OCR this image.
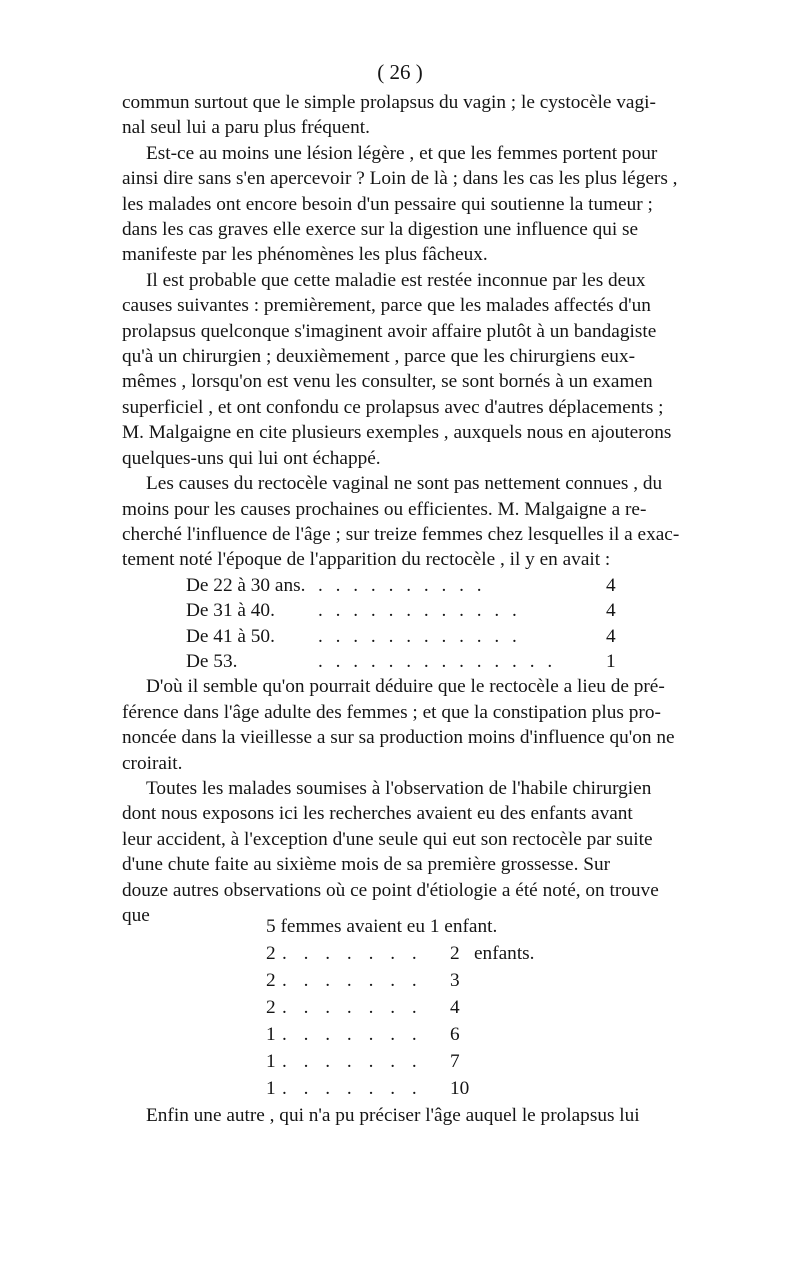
( 26 )
commun surtout que le simple prolapsus du vagin ; le cystocèle vagi-
nal seul lui a paru plus fréquent.
Est-ce au moins une lésion légère , et que les femmes portent pour
ainsi dire sans s'en apercevoir ? Loin de là ; dans les cas les plus légers ,
les malades ont encore besoin d'un pessaire qui soutienne la tumeur ;
dans les cas graves elle exerce sur la digestion une influence qui se
manifeste par les phénomènes les plus fâcheux.
Il est probable que cette maladie est restée inconnue par les deux
causes suivantes : premièrement, parce que les malades affectés d'un
prolapsus quelconque s'imaginent avoir affaire plutôt à un bandagiste
qu'à un chirurgien ; deuxièmement , parce que les chirurgiens eux-
mêmes , lorsqu'on est venu les consulter, se sont bornés à un examen
superficiel , et ont confondu ce prolapsus avec d'autres déplacements ;
M. Malgaigne en cite plusieurs exemples , auxquels nous en ajouterons
quelques-uns qui lui ont échappé.
Les causes du rectocèle vaginal ne sont pas nettement connues , du
moins pour les causes prochaines ou efficientes. M. Malgaigne a re-
cherché l'influence de l'âge ; sur treize femmes chez lesquelles il a exac-
tement noté l'époque de l'apparition du rectocèle , il y en avait :
De 22 à 30 ans. . . . . . . . . . .	4
De 31 à 40. . . . . . . . . . . . .	4
De 41 à 50. . . . . . . . . . . . .	4
De 53.	. . . . . . . . . . . . . .	1
D'où il semble qu'on pourrait déduire que le rectocèle a lieu de pré-
férence dans l'âge adulte des femmes ; et que la constipation plus pro-
noncée dans la vieillesse a sur sa production moins d'influence qu'on ne
croirait.
Toutes les malades soumises à l'observation de l'habile chirurgien
dont nous exposons ici les recherches avaient eu des enfants avant
leur accident, à l'exception d'une seule qui eut son rectocèle par suite
d'une chute faite au sixième mois de sa première grossesse. Sur
douze autres observations où ce point d'étiologie a été noté, on trouve
que
5 femmes avaient eu 1 enfant.
2 . . . . . . . 2 enfants.
2 . . . . . . . 3
2 . . . . . . . 4
1 . . . . . . . 6
1 . . . . . . . 7
1 . . . . . . . 10
Enfin une autre , qui n'a pu préciser l'âge auquel le prolapsus lui
